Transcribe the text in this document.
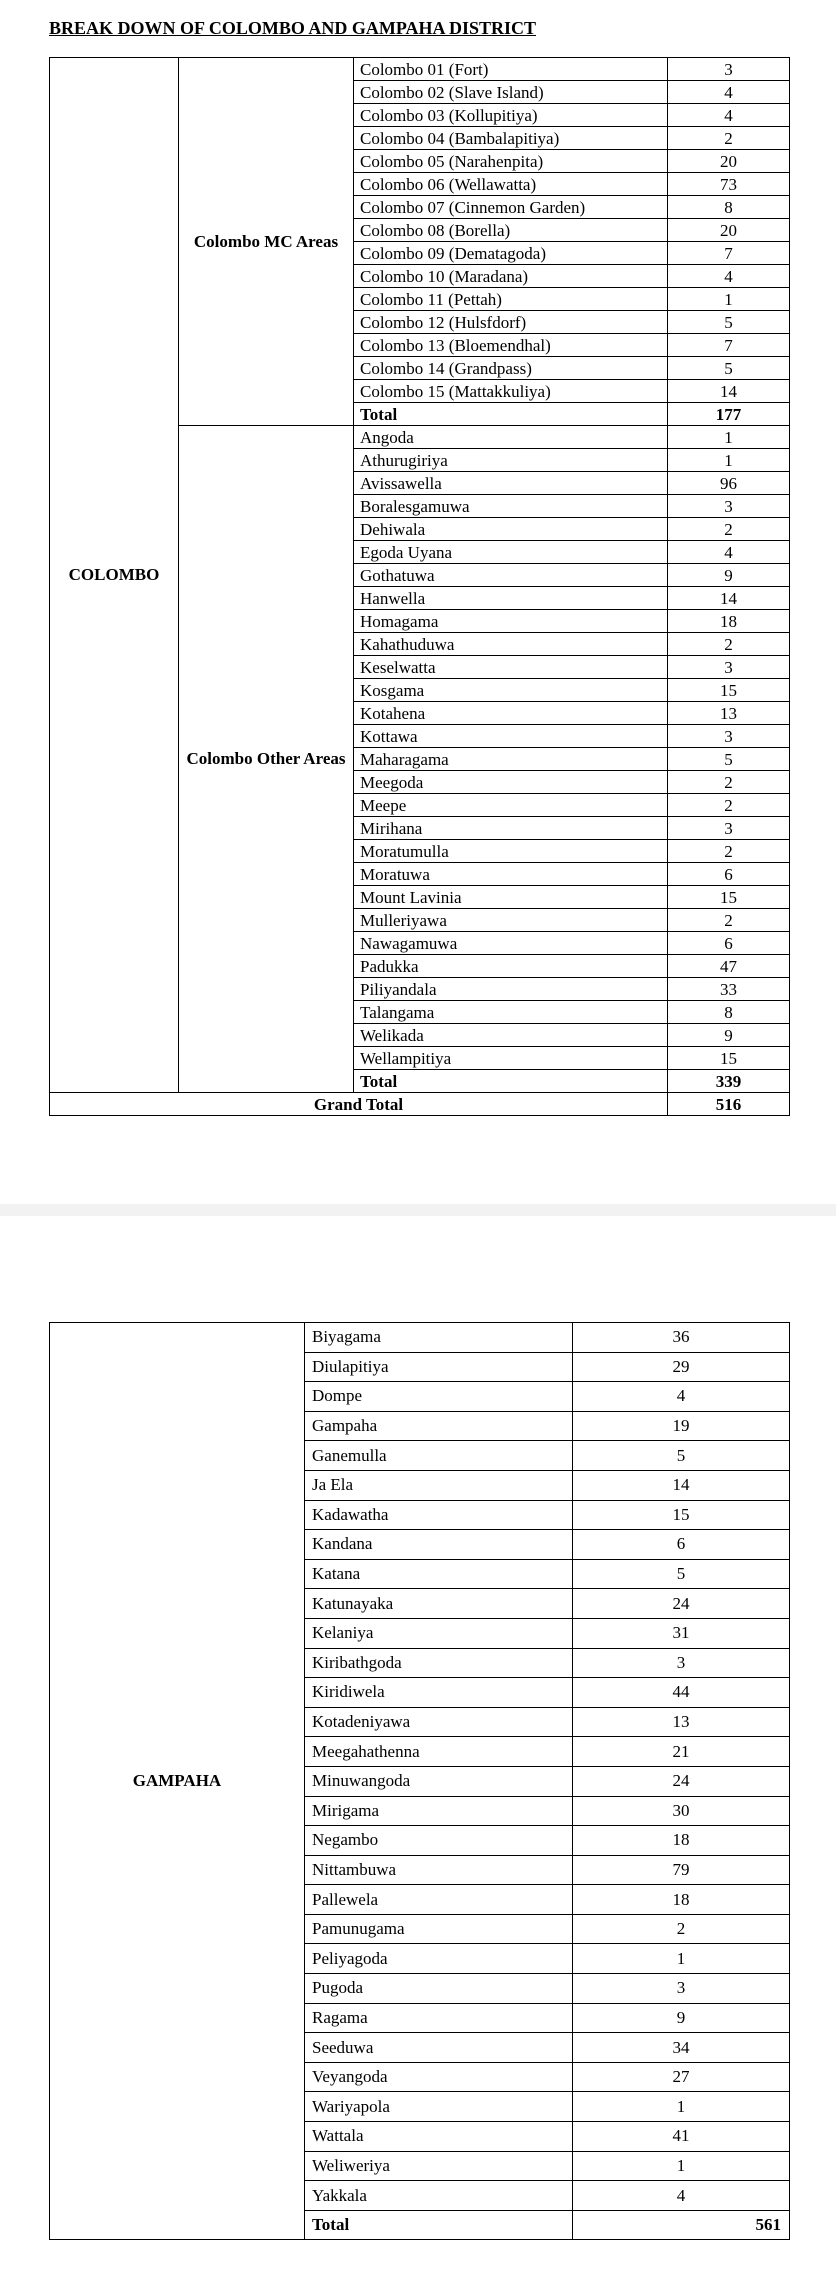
BREAK DOWN OF COLOMBO AND GAMPAHA DISTRICT
COLOMBO	Colombo MC Areas	Colombo 01 (Fort)	3
		Colombo 02 (Slave Island)	4
		Colombo 03 (Kollupitiya)	4
		Colombo 04 (Bambalapitiya)	2
		Colombo 05 (Narahenpita)	20
		Colombo 06 (Wellawatta)	73
		Colombo 07 (Cinnemon Garden)	8
		Colombo 08 (Borella)	20
		Colombo 09 (Dematagoda)	7
		Colombo 10 (Maradana)	4
		Colombo 11 (Pettah)	1
		Colombo 12 (Hulsfdorf)	5
		Colombo 13 (Bloemendhal)	7
		Colombo 14 (Grandpass)	5
		Colombo 15 (Mattakkuliya)	14
		Total	177
	Colombo Other Areas	Angoda	1
		Athurugiriya	1
		Avissawella	96
		Boralesgamuwa	3
		Dehiwala	2
		Egoda Uyana	4
		Gothatuwa	9
		Hanwella	14
		Homagama	18
		Kahathuduwa	2
		Keselwatta	3
		Kosgama	15
		Kotahena	13
		Kottawa	3
		Maharagama	5
		Meegoda	2
		Meepe	2
		Mirihana	3
		Moratumulla	2
		Moratuwa	6
		Mount Lavinia	15
		Mulleriyawa	2
		Nawagamuwa	6
		Padukka	47
		Piliyandala	33
		Talangama	8
		Welikada	9
		Wellampitiya	15
		Total	339
Grand Total			516
GAMPAHA	Biyagama	36
	Diulapitiya	29
	Dompe	4
	Gampaha	19
	Ganemulla	5
	Ja Ela	14
	Kadawatha	15
	Kandana	6
	Katana	5
	Katunayaka	24
	Kelaniya	31
	Kiribathgoda	3
	Kiridiwela	44
	Kotadeniyawa	13
	Meegahathenna	21
	Minuwangoda	24
	Mirigama	30
	Negambo	18
	Nittambuwa	79
	Pallewela	18
	Pamunugama	2
	Peliyagoda	1
	Pugoda	3
	Ragama	9
	Seeduwa	34
	Veyangoda	27
	Wariyapola	1
	Wattala	41
	Weliweriya	1
	Yakkala	4
	Total	561
